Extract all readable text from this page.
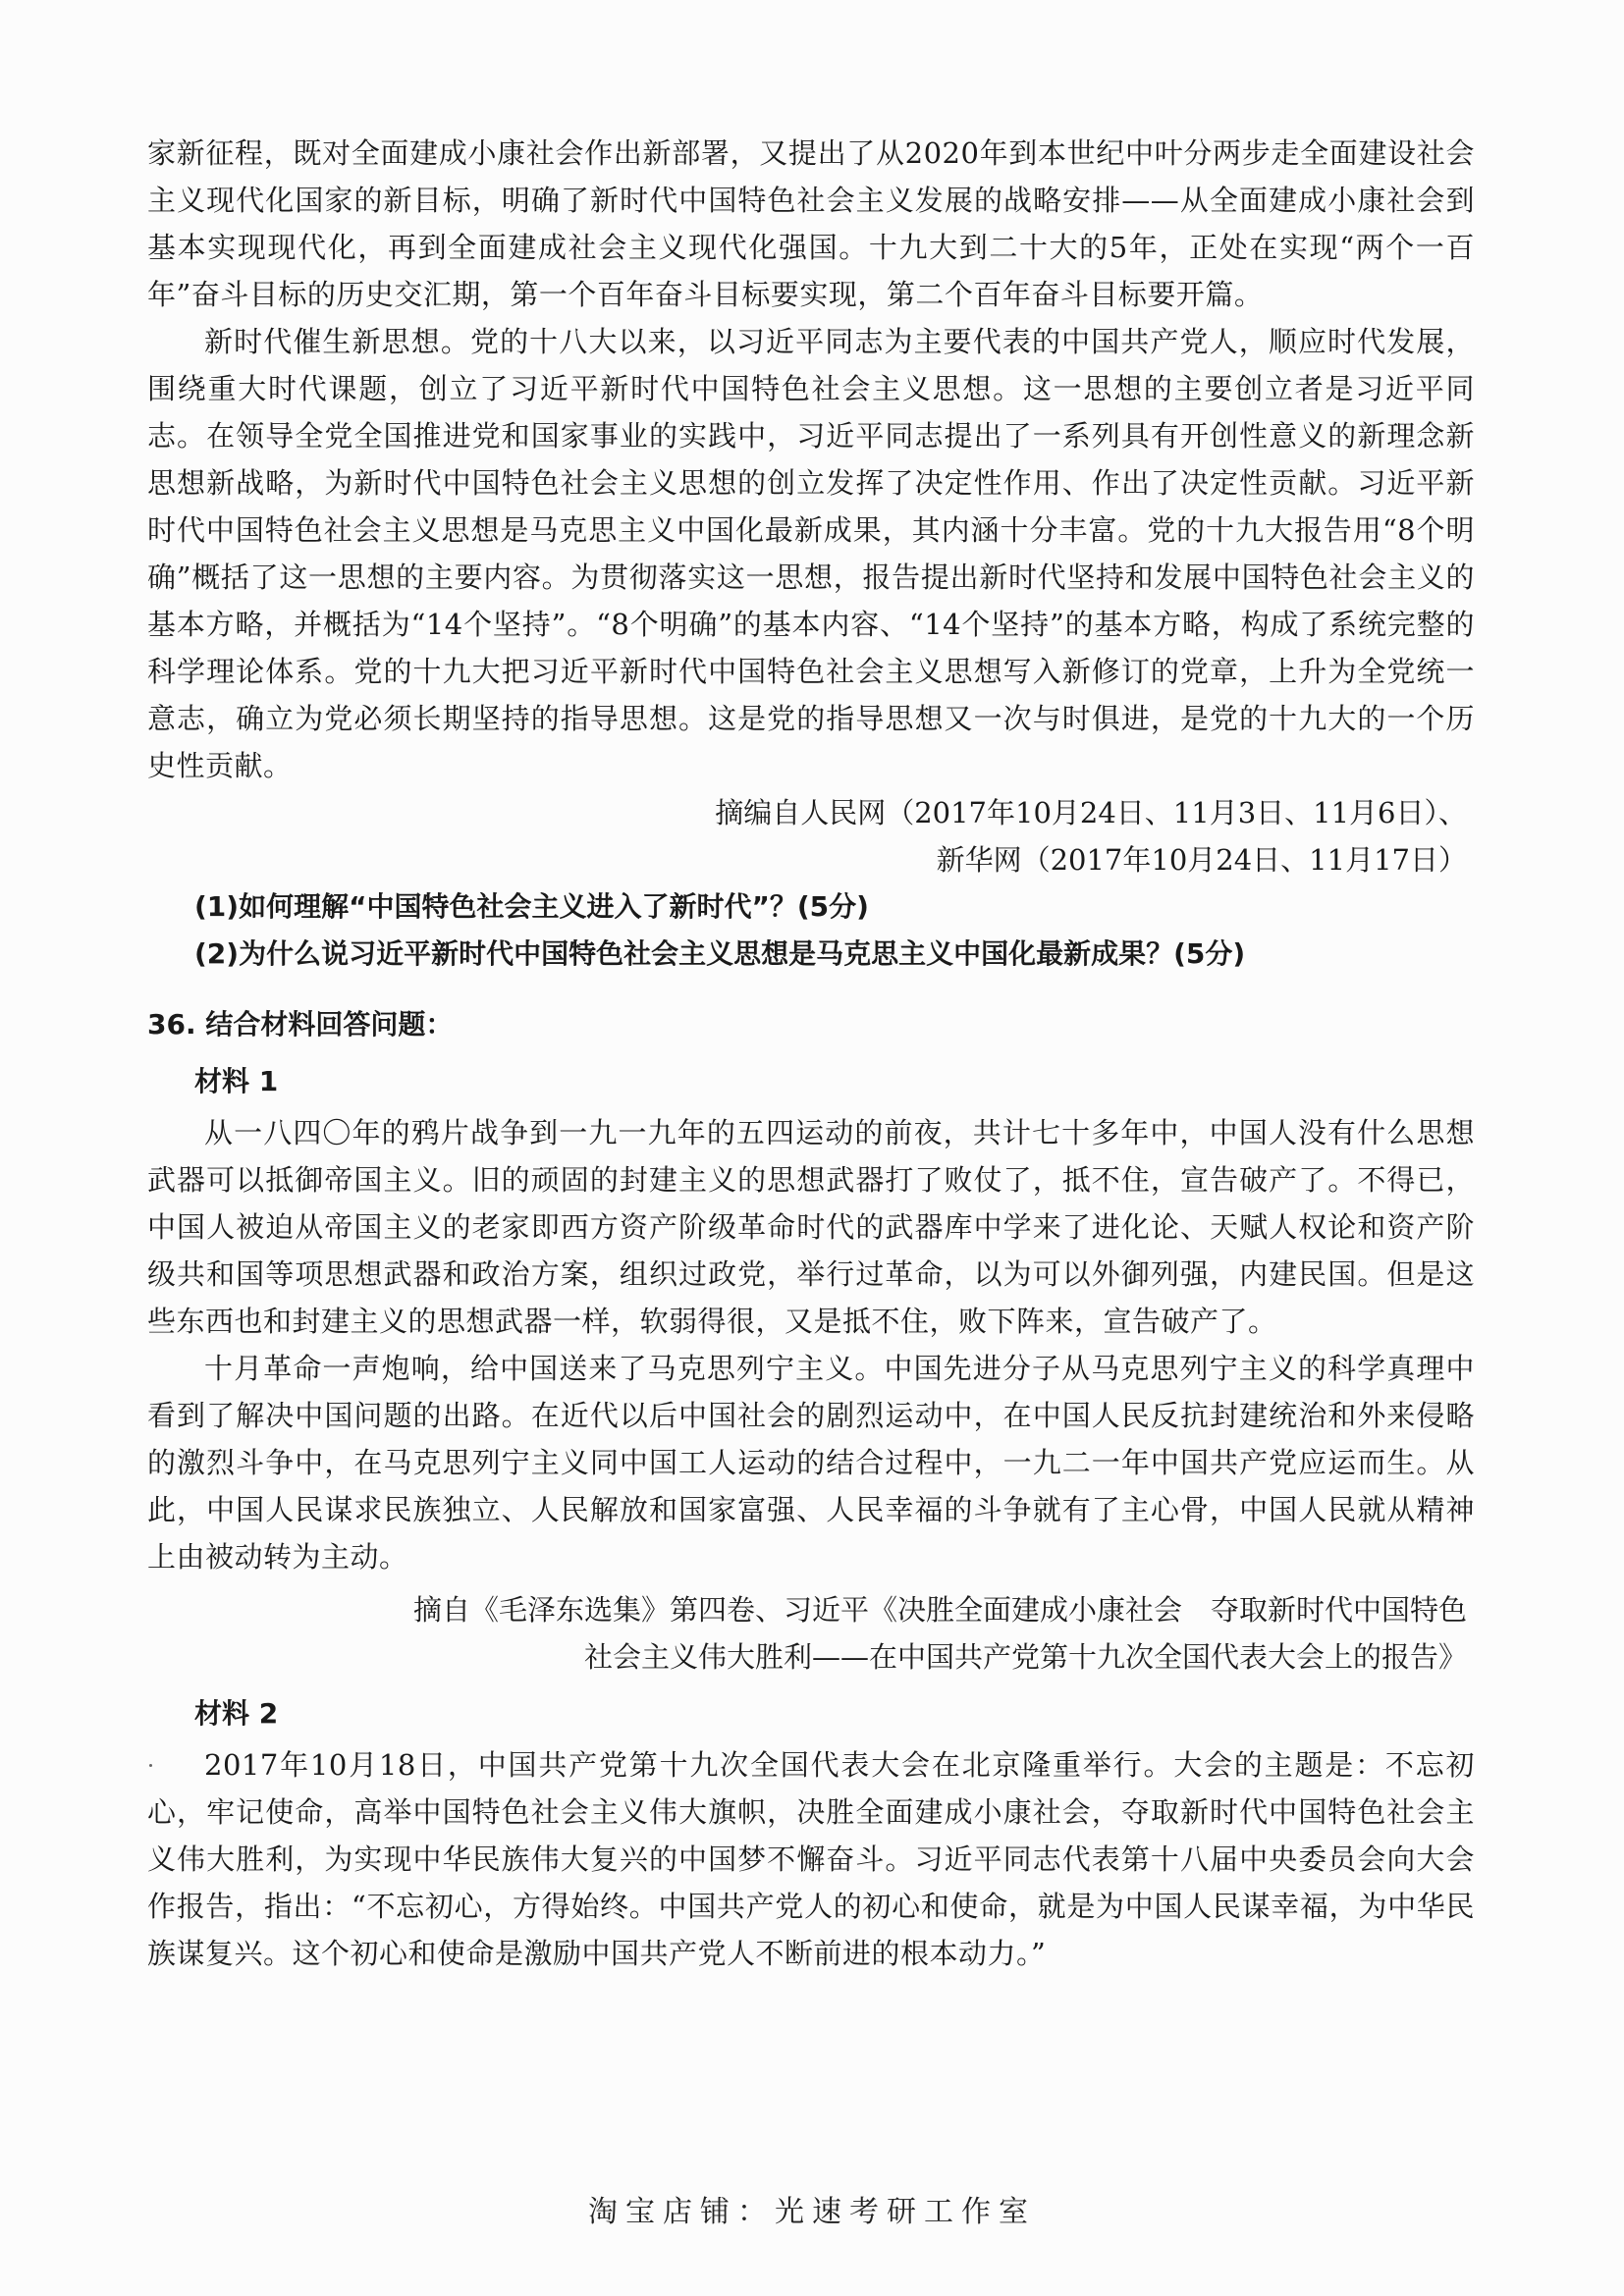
家新征程，既对全面建成小康社会作出新部署，又提出了从2020年到本世纪中叶分两步走全面建设社会主义现代化国家的新目标，明确了新时代中国特色社会主义发展的战略安排——从全面建成小康社会到基本实现现代化，再到全面建成社会主义现代化强国。十九大到二十大的5年，正处在实现“两个一百年”奋斗目标的历史交汇期，第一个百年奋斗目标要实现，第二个百年奋斗目标要开篇。

新时代催生新思想。党的十八大以来，以习近平同志为主要代表的中国共产党人，顺应时代发展，围绕重大时代课题，创立了习近平新时代中国特色社会主义思想。这一思想的主要创立者是习近平同志。在领导全党全国推进党和国家事业的实践中，习近平同志提出了一系列具有开创性意义的新理念新思想新战略，为新时代中国特色社会主义思想的创立发挥了决定性作用、作出了决定性贡献。习近平新时代中国特色社会主义思想是马克思主义中国化最新成果，其内涵十分丰富。党的十九大报告用“8个明确”概括了这一思想的主要内容。为贯彻落实这一思想，报告提出新时代坚持和发展中国特色社会主义的基本方略，并概括为“14个坚持”。“8个明确”的基本内容、“14个坚持”的基本方略，构成了系统完整的科学理论体系。党的十九大把习近平新时代中国特色社会主义思想写入新修订的党章，上升为全党统一意志，确立为党必须长期坚持的指导思想。这是党的指导思想又一次与时俱进，是党的十九大的一个历史性贡献。

摘编自人民网（2017年10月24日、11月3日、11月6日）、

新华网（2017年10月24日、11月17日）

(1)如何理解“中国特色社会主义进入了新时代”？(5分)

(2)为什么说习近平新时代中国特色社会主义思想是马克思主义中国化最新成果？(5分)

36. 结合材料回答问题：

材料 1

从一八四〇年的鸦片战争到一九一九年的五四运动的前夜，共计七十多年中，中国人没有什么思想武器可以抵御帝国主义。旧的顽固的封建主义的思想武器打了败仗了，抵不住，宣告破产了。不得已，中国人被迫从帝国主义的老家即西方资产阶级革命时代的武器库中学来了进化论、天赋人权论和资产阶级共和国等项思想武器和政治方案，组织过政党，举行过革命，以为可以外御列强，内建民国。但是这些东西也和封建主义的思想武器一样，软弱得很，又是抵不住，败下阵来，宣告破产了。

十月革命一声炮响，给中国送来了马克思列宁主义。中国先进分子从马克思列宁主义的科学真理中看到了解决中国问题的出路。在近代以后中国社会的剧烈运动中，在中国人民反抗封建统治和外来侵略的激烈斗争中，在马克思列宁主义同中国工人运动的结合过程中，一九二一年中国共产党应运而生。从此，中国人民谋求民族独立、人民解放和国家富强、人民幸福的斗争就有了主心骨，中国人民就从精神上由被动转为主动。

摘自《毛泽东选集》第四卷、习近平《决胜全面建成小康社会　夺取新时代中国特色

社会主义伟大胜利——在中国共产党第十九次全国代表大会上的报告》

材料 2

2017年10月18日，中国共产党第十九次全国代表大会在北京隆重举行。大会的主题是：不忘初心，牢记使命，高举中国特色社会主义伟大旗帜，决胜全面建成小康社会，夺取新时代中国特色社会主义伟大胜利，为实现中华民族伟大复兴的中国梦不懈奋斗。习近平同志代表第十八届中央委员会向大会作报告，指出：“不忘初心，方得始终。中国共产党人的初心和使命，就是为中国人民谋幸福，为中华民族谋复兴。这个初心和使命是激励中国共产党人不断前进的根本动力。”

淘宝店铺：光速考研工作室
